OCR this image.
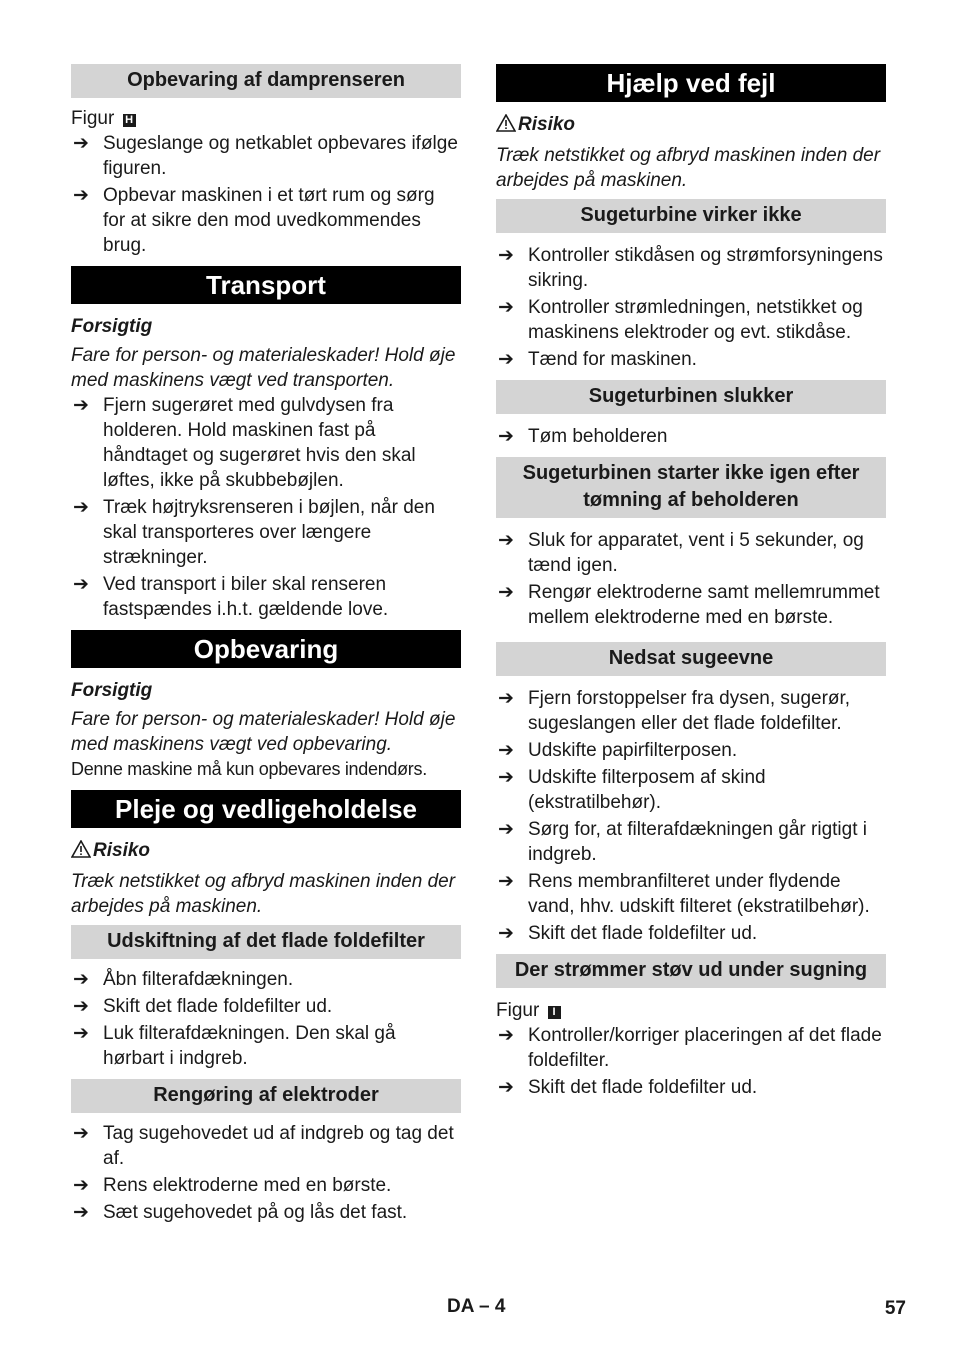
Opbevaring af damprenseren
Figur H
➔ Sugeslange og netkablet opbevares ifølge figuren.
➔ Opbevar maskinen i et tørt rum og sørg for at sikre den mod uvedkommendes brug.
Transport
Forsigtig
Fare for person- og materialeskader! Hold øje med maskinens vægt ved transporten.
➔ Fjern sugerøret med gulvdysen fra holderen. Hold maskinen fast på håndtaget og sugerøret hvis den skal løftes, ikke på skubbebøjlen.
➔ Træk højtryksrenseren i bøjlen, når den skal transporteres over længere strækninger.
➔ Ved transport i biler skal renseren fastspændes i.h.t. gældende love.
Opbevaring
Forsigtig
Fare for person- og materialeskader! Hold øje med maskinens vægt ved opbevaring.
Denne maskine må kun opbevares indendørs.
Pleje og vedligeholdelse
Risiko
Træk netstikket og afbryd maskinen inden der arbejdes på maskinen.
Udskiftning af det flade foldefilter
➔ Åbn filterafdækningen.
➔ Skift det flade foldefilter ud.
➔ Luk filterafdækningen. Den skal gå hørbart i indgreb.
Rengøring af elektroder
➔ Tag sugehovedet ud af indgreb og tag det af.
➔ Rens elektroderne med en børste.
➔ Sæt sugehovedet på og lås det fast.
Hjælp ved fejl
Risiko
Træk netstikket og afbryd maskinen inden der arbejdes på maskinen.
Sugeturbine virker ikke
➔ Kontroller stikdåsen og strømforsyningens sikring.
➔ Kontroller strømledningen, netstikket og maskinens elektroder og evt. stikdåse.
➔ Tænd for maskinen.
Sugeturbinen slukker
➔ Tøm beholderen
Sugeturbinen starter ikke igen efter tømning af beholderen
➔ Sluk for apparatet, vent i 5 sekunder, og tænd igen.
➔ Rengør elektroderne samt mellemrummet mellem elektroderne med en børste.
Nedsat sugeevne
➔ Fjern forstoppelser fra dysen, sugerør, sugeslangen eller det flade foldefilter.
➔ Udskifte papirfilterposen.
➔ Udskifte filterposem af skind (ekstratilbehør).
➔ Sørg for, at filterafdækningen går rigtigt i indgreb.
➔ Rens membranfilteret under flydende vand, hhv. udskift filteret (ekstratilbehør).
➔ Skift det flade foldefilter ud.
Der strømmer støv ud under sugning
Figur I
➔ Kontroller/korriger placeringen af det flade foldefilter.
➔ Skift det flade foldefilter ud.
DA – 4	57
